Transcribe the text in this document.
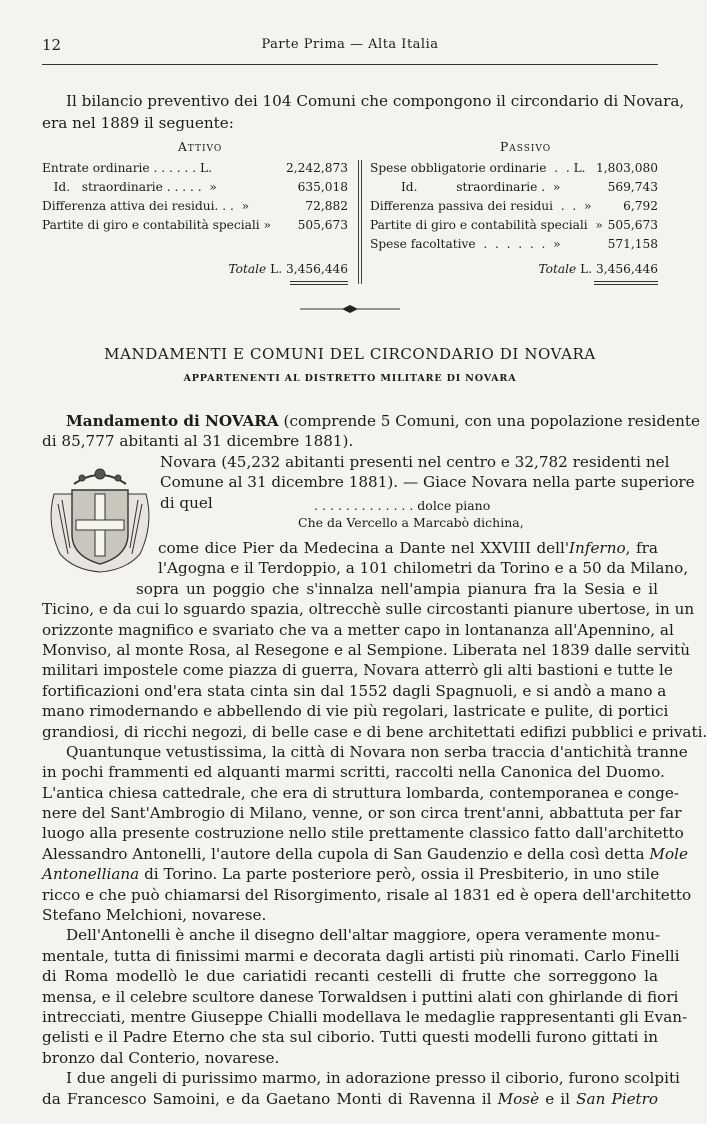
12	Parte Prima — Alta Italia
Il bilancio preventivo dei 104 Comuni che compongono il circondario di Novara,
era nel 1889 il seguente:
Attivo	Passivo
Entrate ordinarie . . . . . . L.	2,242,873
Id.   straordinarie . . . . .  »	635,018
Differenza attiva dei residui. . .  »	72,882
Partite di giro e contabilità speciali » 505,673
Spese obbligatorie ordinarie  .  . L. 1,803,080
Id.          straordinarie .  »	569,743
Differenza passiva dei residui  .  .  »	6,792
Partite di giro e contabilità speciali  » 505,673
Spese facoltative  .  .  .  .  .  .  »	571,158
Totale L. 3,456,446	Totale L. 3,456,446
MANDAMENTI E COMUNI DEL CIRCONDARIO DI NOVARA
APPARTENENTI AL DISTRETTO MILITARE DI NOVARA
Mandamento di NOVARA (comprende 5 Comuni, con una popolazione residente
di 85,777 abitanti al 31 dicembre 1881).
Novara (45,232 abitanti presenti nel centro e 32,782 residenti nel
Comune al 31 dicembre 1881). — Giace Novara nella parte superiore
di quel	. . . . . . . . . . . . . dolce piano
Che da Vercello a Marcabò dichina,
come dice Pier da Medecina a Dante nel XXVIII dell'Inferno, fra
l'Agogna e il Terdoppio, a 101 chilometri da Torino e a 50 da Milano,
sopra un poggio che s'innalza nell'ampia pianura fra la Sesia e il
Ticino, e da cui lo sguardo spazia, oltrecchè sulle circostanti pianure ubertose, in un
orizzonte magnifico e svariato che va a metter capo in lontananza all'Apennino, al
Monviso, al monte Rosa, al Resegone e al Sempione. Liberata nel 1839 dalle servitù
militari impostele come piazza di guerra, Novara atterrò gli alti bastioni e tutte le
fortificazioni ond'era stata cinta sin dal 1552 dagli Spagnuoli, e si andò a mano a
mano rimodernando e abbellendo di vie più regolari, lastricate e pulite, di portici
grandiosi, di ricchi negozi, di belle case e di bene architettati edifizi pubblici e privati.
Quantunque vetustissima, la città di Novara non serba traccia d'antichità tranne
in pochi frammenti ed alquanti marmi scritti, raccolti nella Canonica del Duomo.
L'antica chiesa cattedrale, che era di struttura lombarda, contemporanea e conge-
nere del Sant'Ambrogio di Milano, venne, or son circa trent'anni, abbattuta per far
luogo alla presente costruzione nello stile prettamente classico fatto dall'architetto
Alessandro Antonelli, l'autore della cupola di San Gaudenzio e della così detta Mole
Antonelliana di Torino. La parte posteriore però, ossia il Presbiterio, in uno stile
ricco e che può chiamarsi del Risorgimento, risale al 1831 ed è opera dell'architetto
Stefano Melchioni, novarese.
Dell'Antonelli è anche il disegno dell'altar maggiore, opera veramente monu-
mentale, tutta di finissimi marmi e decorata dagli artisti più rinomati. Carlo Finelli
di Roma modellò le due cariatidi recanti cestelli di frutte che sorreggono la
mensa, e il celebre scultore danese Torwaldsen i puttini alati con ghirlande di fiori
intrecciati, mentre Giuseppe Chialli modellava le medaglie rappresentanti gli Evan-
gelisti e il Padre Eterno che sta sul ciborio. Tutti questi modelli furono gittati in
bronzo dal Conterio, novarese.
I due angeli di purissimo marmo, in adorazione presso il ciborio, furono scolpiti
da Francesco Samoini, e da Gaetano Monti di Ravenna il Mosè e il San Pietro
